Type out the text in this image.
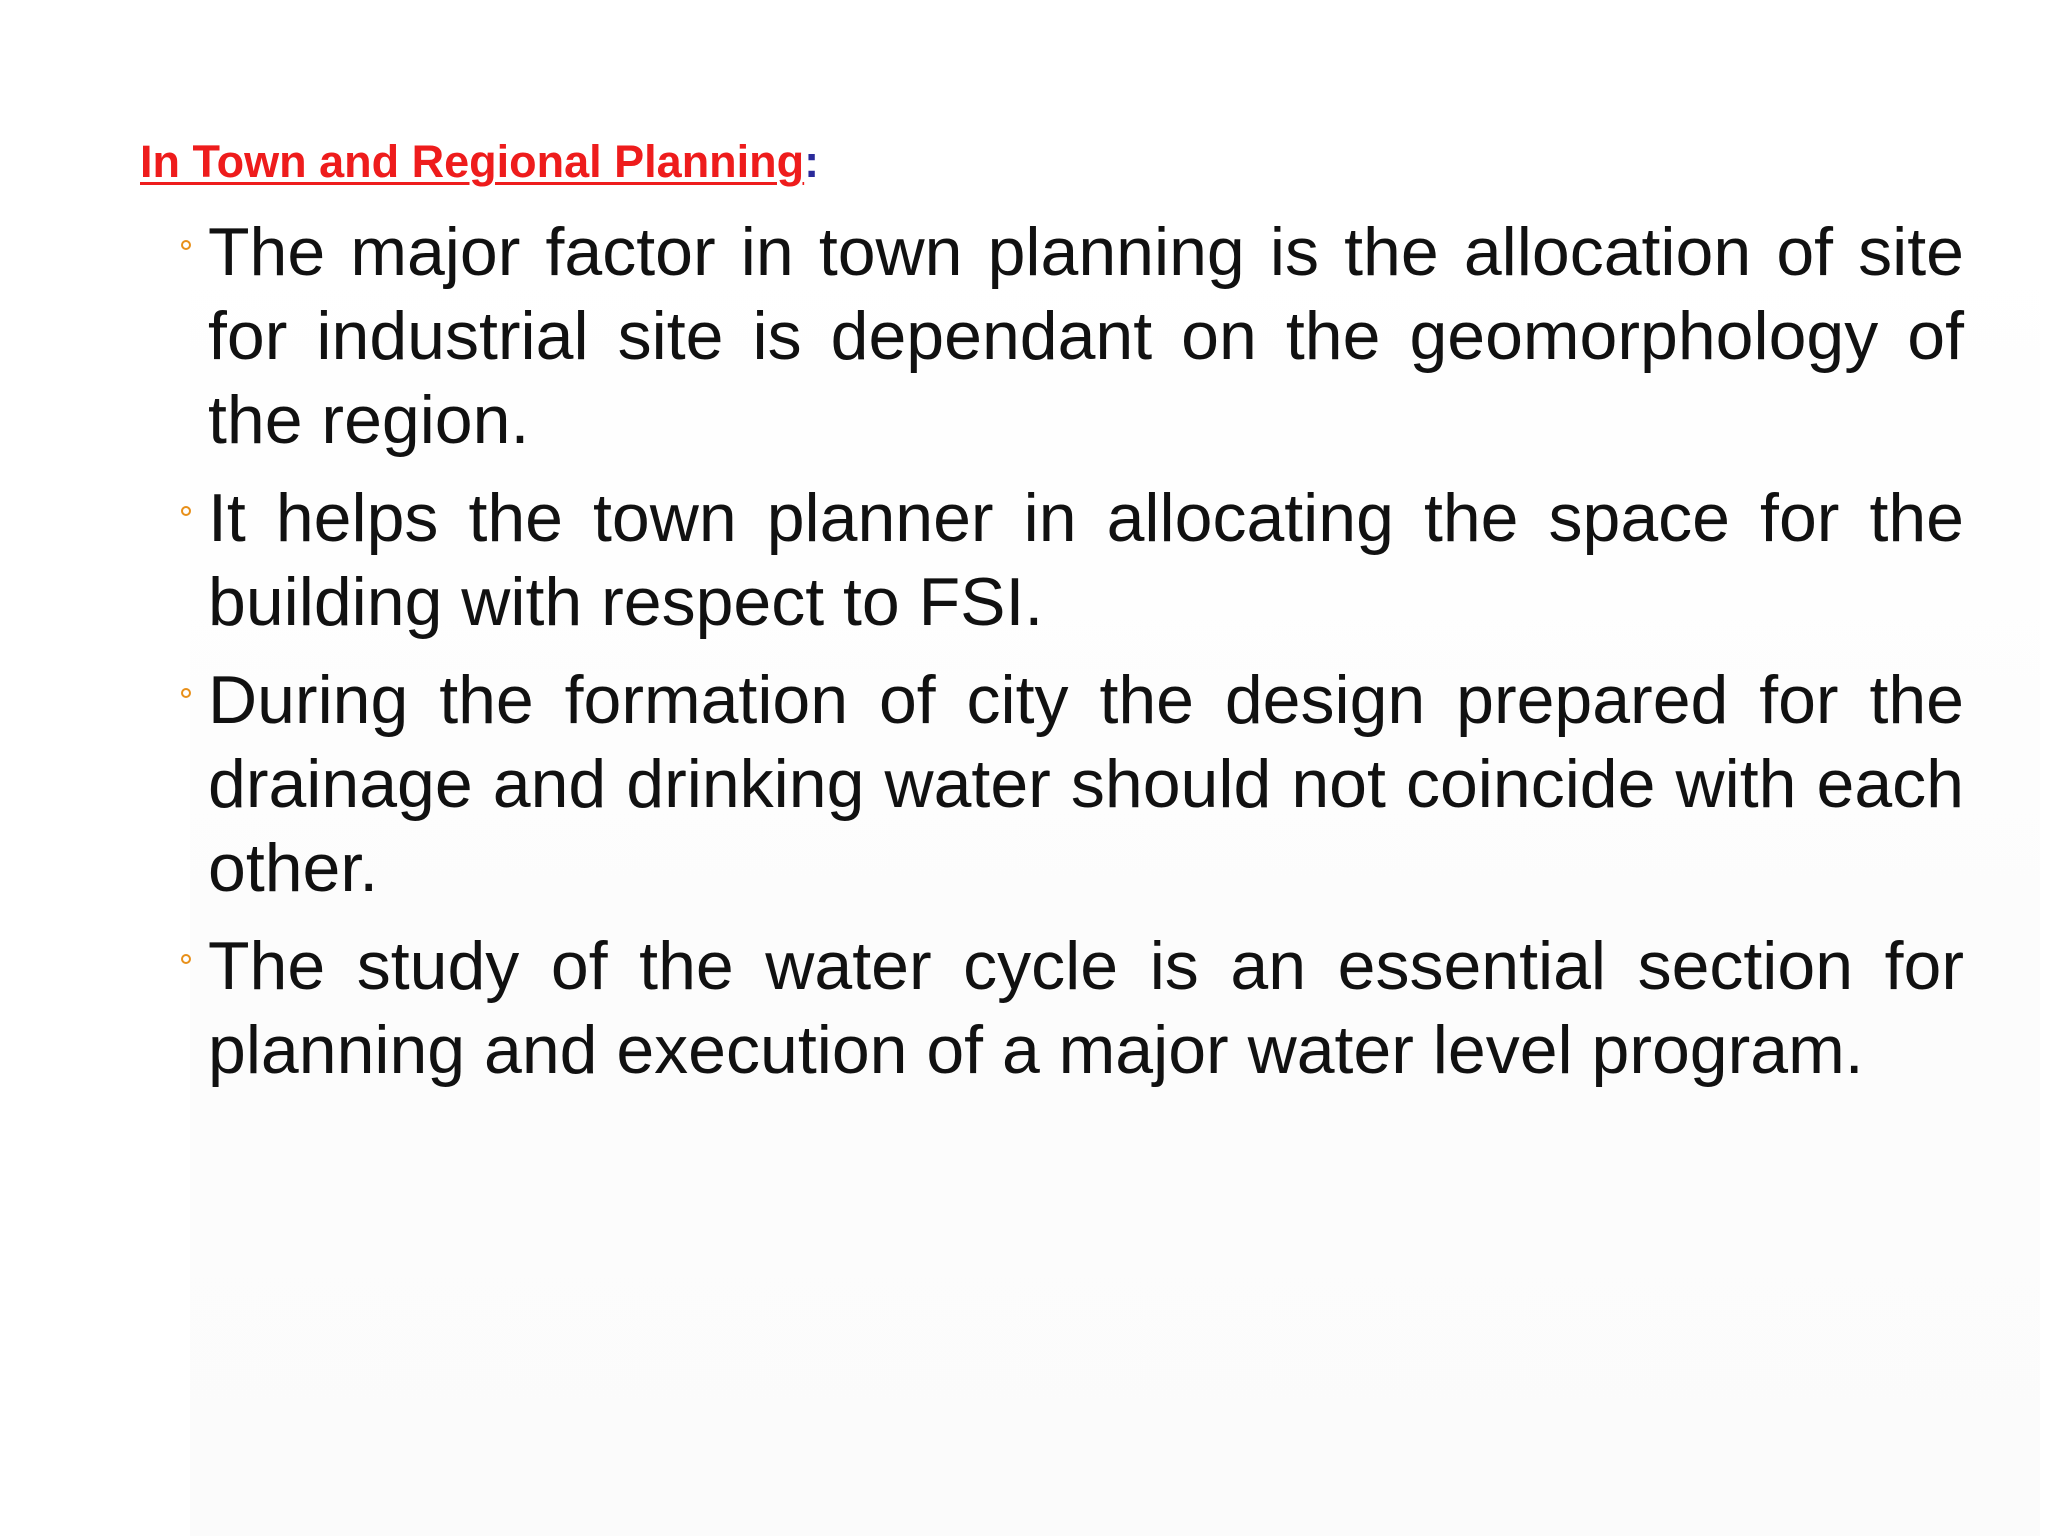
In Town and Regional Planning:
The major factor in town planning is the allocation of site for industrial site is dependant on the geomorphology of the region.
It helps the town planner in allocating the space for the building with respect to FSI.
During the formation of city the design prepared for the drainage and drinking water should not coincide with each other.
The study of the water cycle is an essential section for planning and execution of a major water level program.
